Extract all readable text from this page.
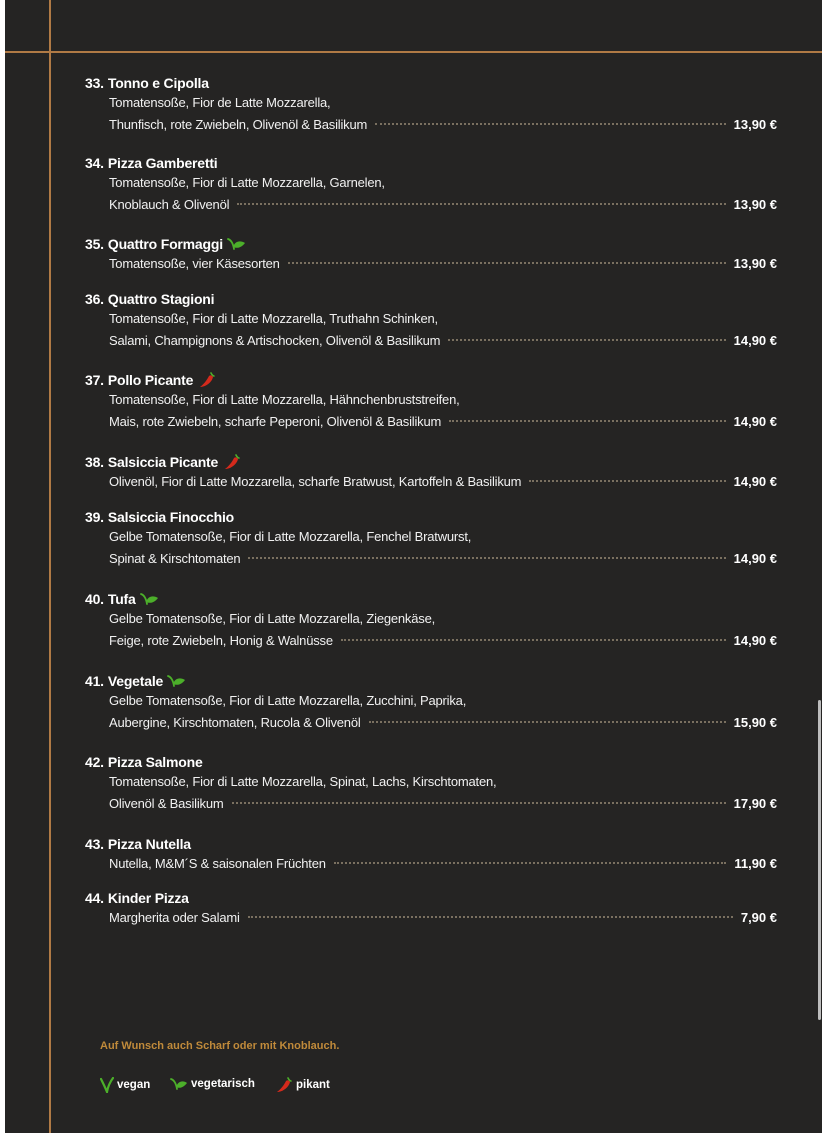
33. Tonno e Cipolla
Tomatensoße, Fior de Latte Mozzarella,
Thunfisch, rote Zwiebeln, Olivenöl & Basilikum	13,90 €
34. Pizza Gamberetti
Tomatensoße, Fior di Latte Mozzarella, Garnelen,
Knoblauch & Olivenöl	13,90 €
35. Quattro Formaggi
Tomatensoße, vier Käsesorten	13,90 €
36. Quattro Stagioni
Tomatensoße, Fior di Latte Mozzarella, Truthahn Schinken,
Salami, Champignons & Artischocken, Olivenöl & Basilikum	14,90 €
37. Pollo Picante
Tomatensoße, Fior di Latte Mozzarella, Hähnchenbruststreifen,
Mais, rote Zwiebeln, scharfe Peperoni, Olivenöl & Basilikum	14,90 €
38. Salsiccia Picante
Olivenöl, Fior di Latte Mozzarella, scharfe Bratwust, Kartoffeln & Basilikum	14,90 €
39. Salsiccia Finocchio
Gelbe Tomatensoße, Fior di Latte Mozzarella, Fenchel Bratwurst,
Spinat & Kirschtomaten	14,90 €
40. Tufa
Gelbe Tomatensoße, Fior di Latte Mozzarella, Ziegenkäse,
Feige, rote Zwiebeln, Honig & Walnüsse	14,90 €
41. Vegetale
Gelbe Tomatensoße, Fior di Latte Mozzarella, Zucchini, Paprika,
Aubergine, Kirschtomaten, Rucola & Olivenöl	15,90 €
42. Pizza Salmone
Tomatensoße, Fior di Latte Mozzarella, Spinat, Lachs, Kirschtomaten,
Olivenöl & Basilikum	17,90 €
43. Pizza Nutella
Nutella, M&M´S & saisonalen Früchten	11,90 €
44. Kinder Pizza
Margherita oder Salami	7,90 €
Auf Wunsch auch Scharf oder mit Knoblauch.
vegan	vegetarisch	pikant
